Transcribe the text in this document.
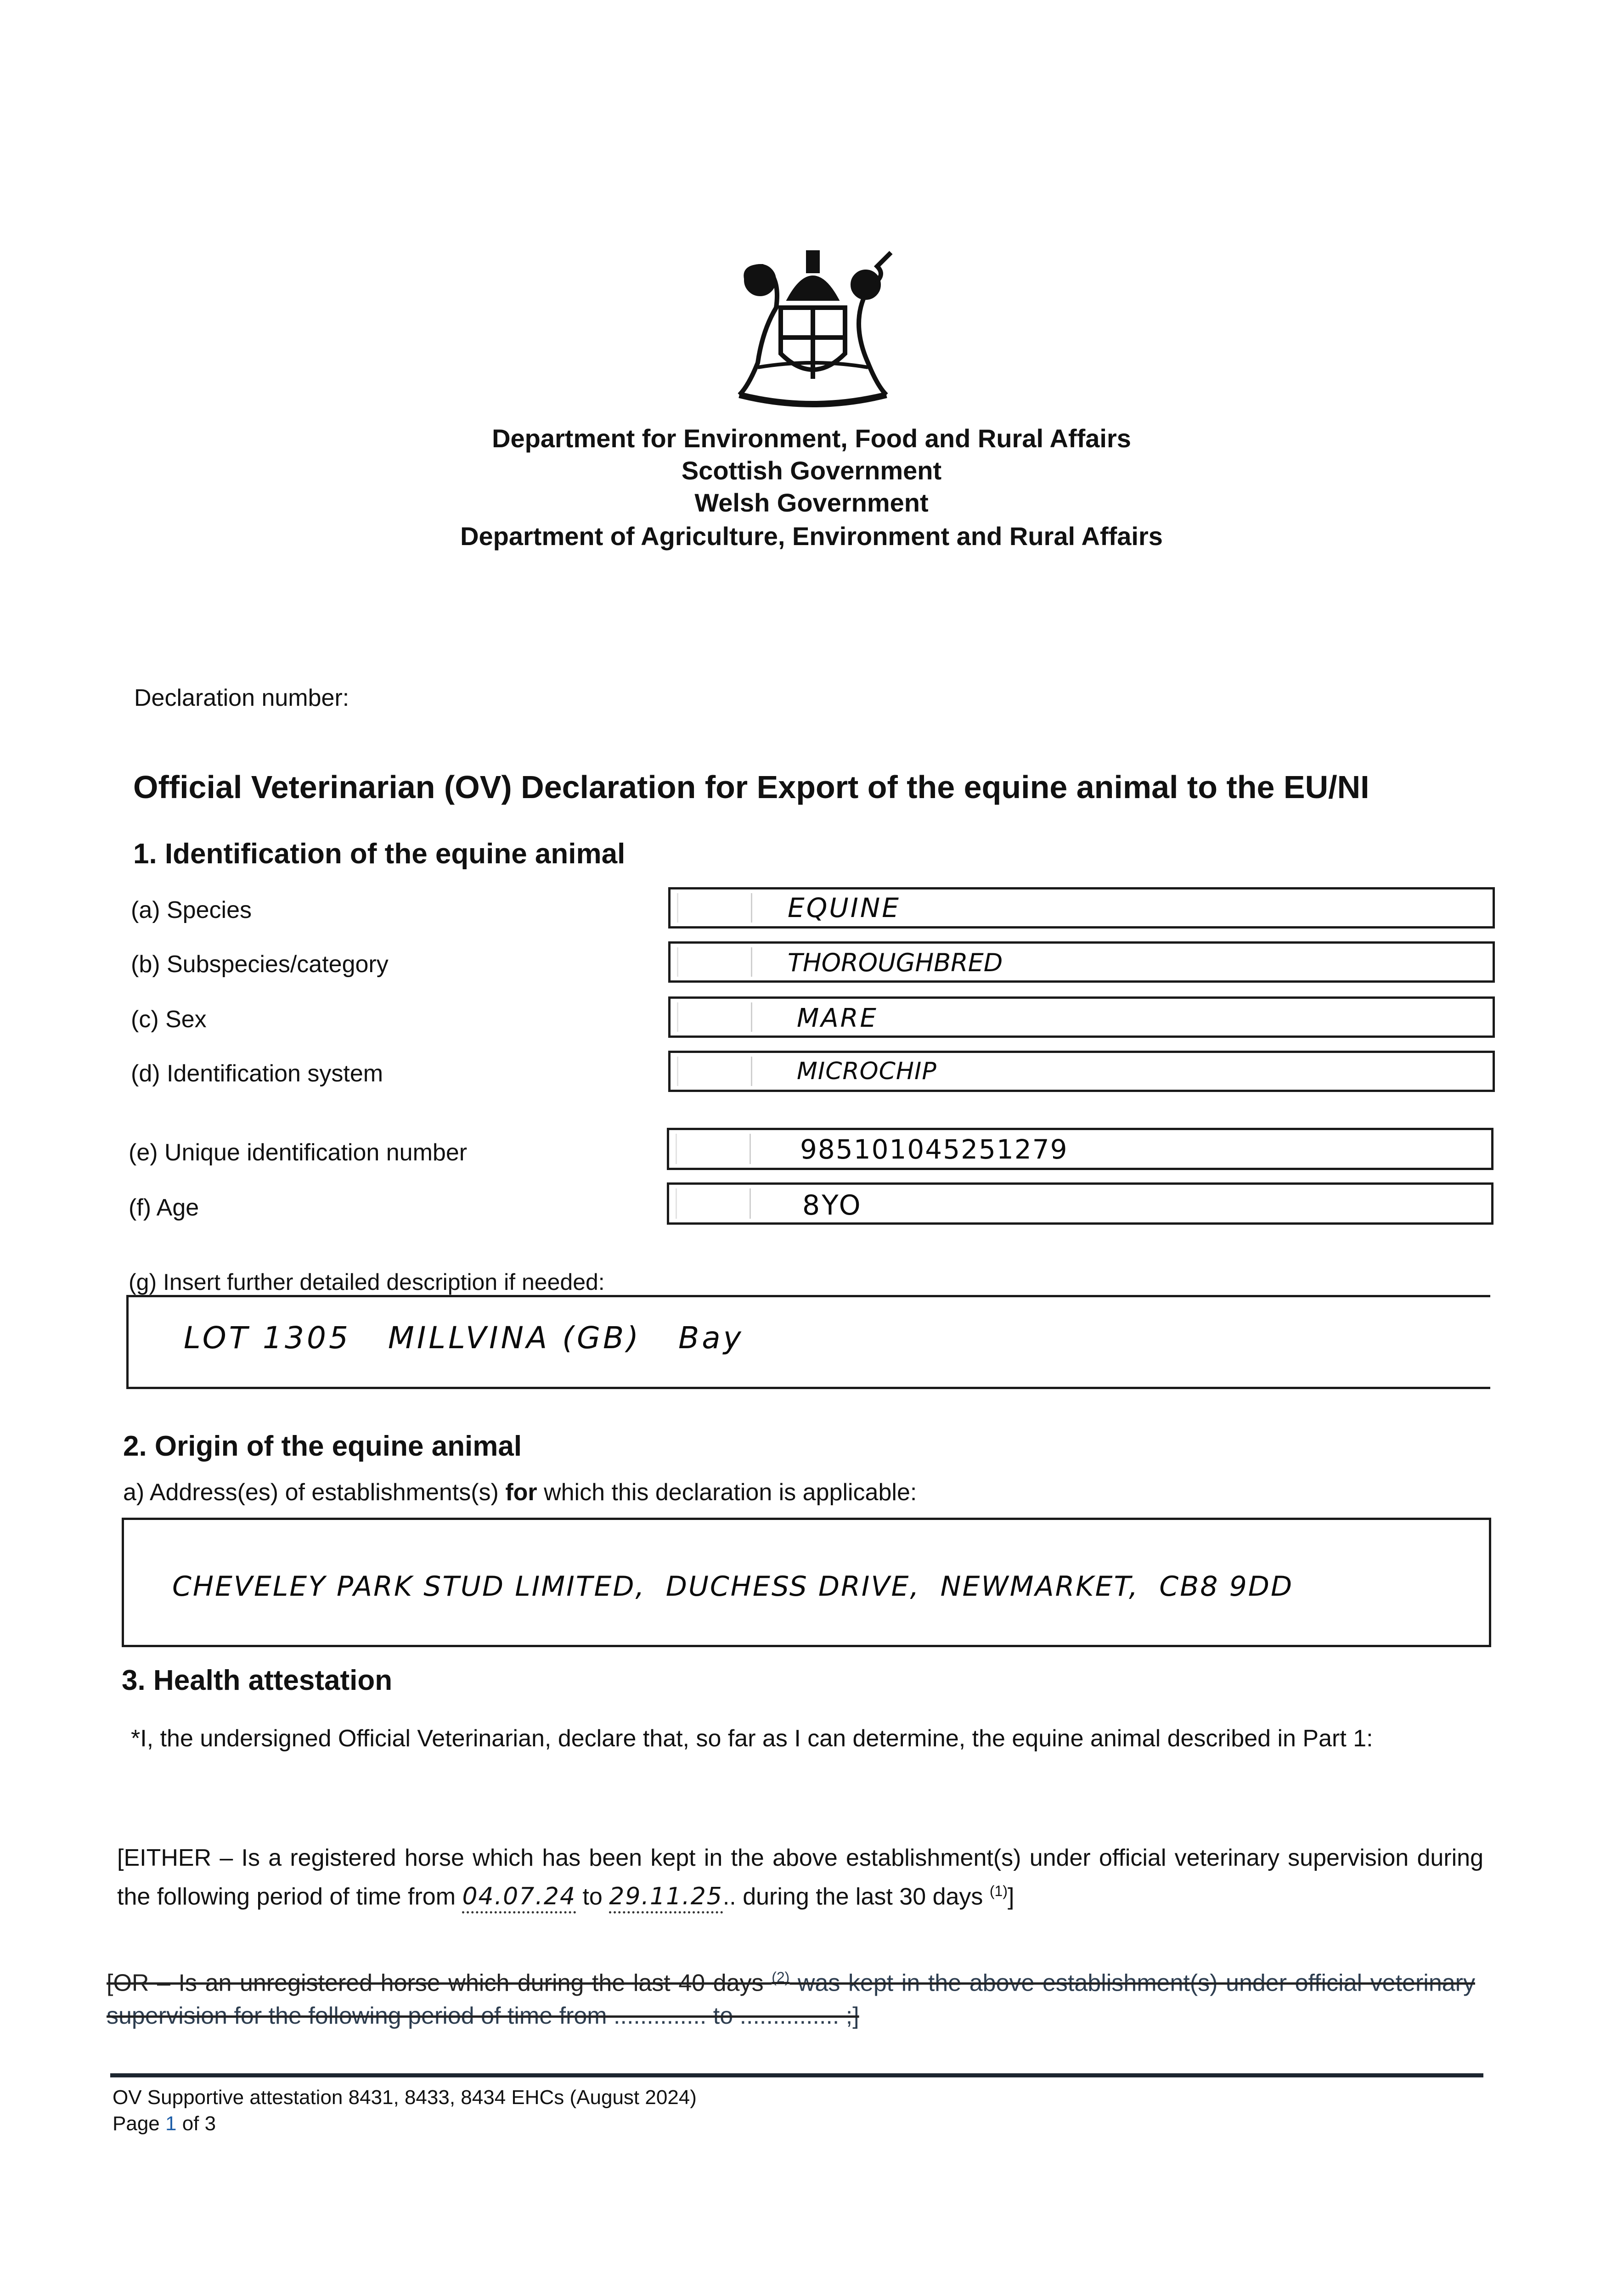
Department for Environment, Food and Rural Affairs
Scottish Government
Welsh Government
Department of Agriculture, Environment and Rural Affairs
Declaration number:
Official Veterinarian (OV) Declaration for Export of the equine animal to the EU/NI
1. Identification of the equine animal
(a) Species	EQUINE
(b) Subspecies/category	THOROUGHBRED
(c) Sex	MARE
(d) Identification system	MICROCHIP
(e) Unique identification number	985101045251279
(f) Age	8YO
(g) Insert further detailed description if needed:
LOT 1305   MILLVINA (GB)   Bay
2. Origin of the equine animal
a) Address(es) of establishments(s) for which this declaration is applicable:
CHEVELEY PARK STUD LIMITED,  DUCHESS DRIVE,  NEWMARKET,  CB8 9DD
3. Health attestation
*I, the undersigned Official Veterinarian, declare that, so far as I can determine, the equine animal described in Part 1:
[EITHER – Is a registered horse which has been kept in the above establishment(s) under official veterinary supervision during the following period of time from 04.07.24 to 29.11.25.. during the last 30 days $^{(1)}$]
[OR – Is an unregistered horse which during the last 40 days $^{(2)}$ was kept in the above establishment(s) under official veterinary supervision for the following period of time from .............. to ............... ;]
OV Supportive attestation 8431, 8433, 8434 EHCs (August 2024)
Page 1 of 3
